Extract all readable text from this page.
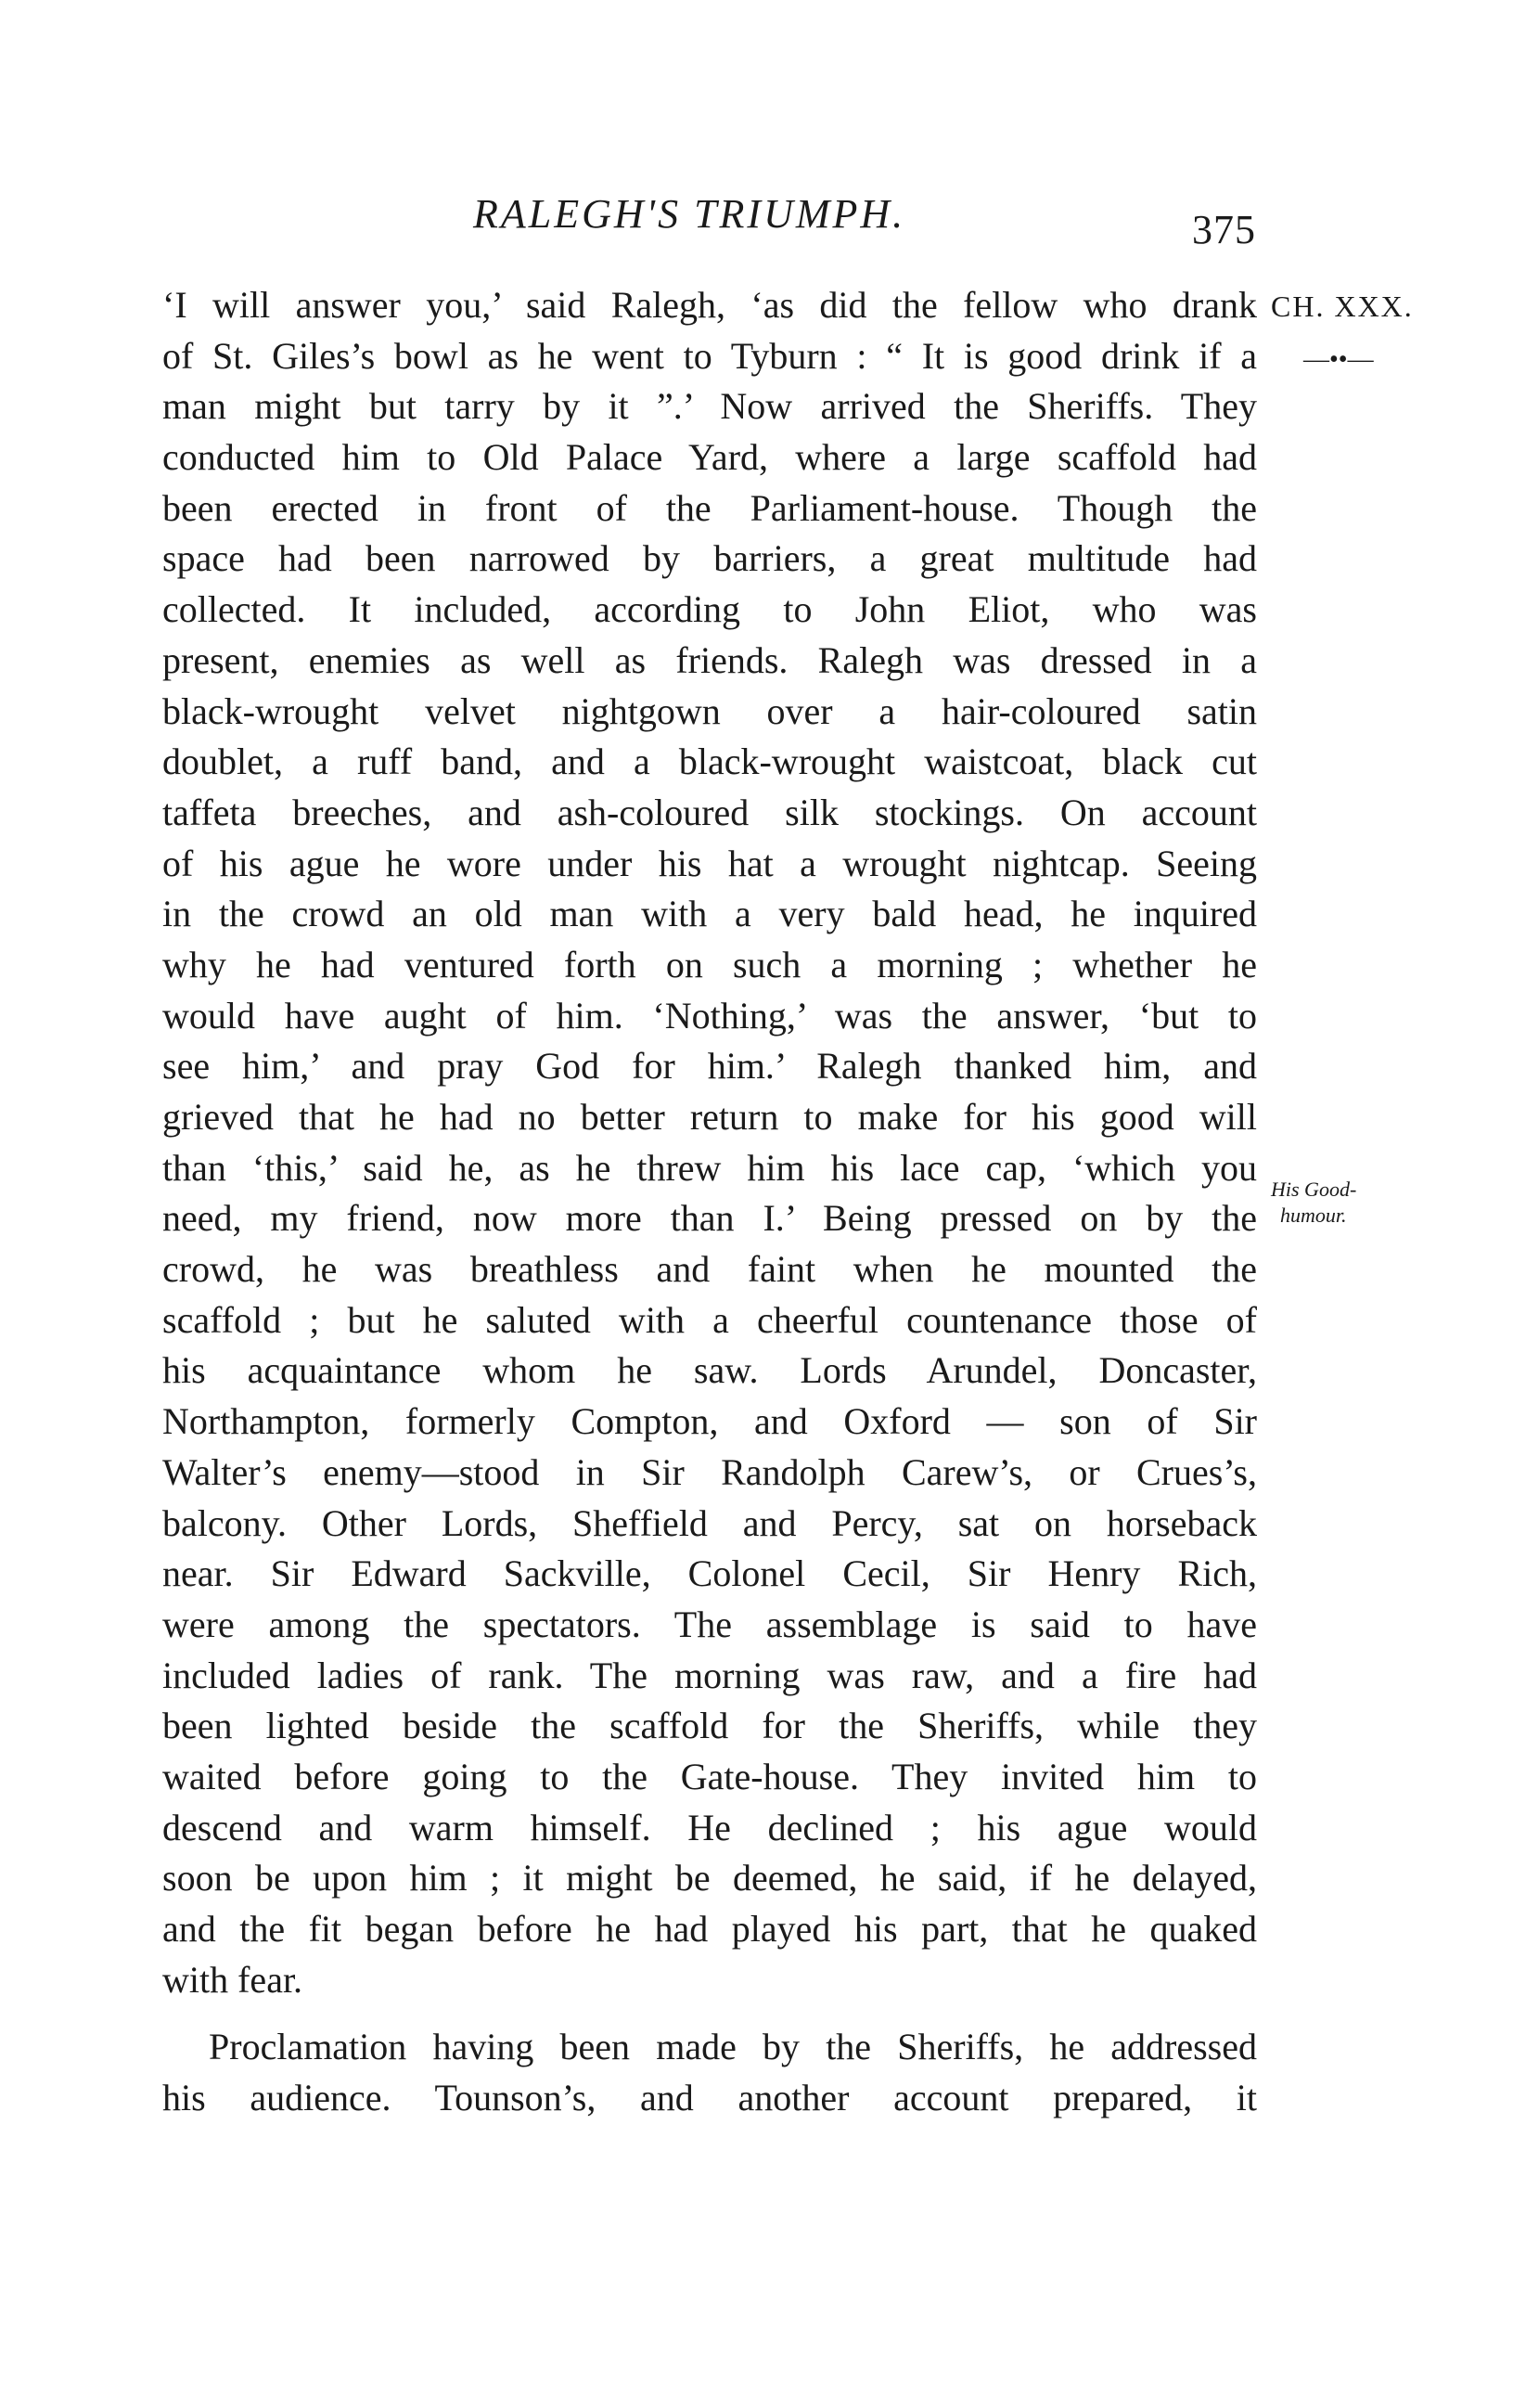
RALEGH'S TRIUMPH.	375
CH. XXX.
—••—
His Good-
humour.
‘I will answer you,’ said Ralegh, ‘as did the fellow who drank
of St. Giles’s bowl as he went to Tyburn : “ It is good drink if a
man might but tarry by it ”.’ Now arrived the Sheriffs. They
conducted him to Old Palace Yard, where a large scaffold had
been erected in front of the Parliament-house. Though the
space had been narrowed by barriers, a great multitude had
collected. It included, according to John Eliot, who was
present, enemies as well as friends. Ralegh was dressed in a
black-wrought velvet nightgown over a hair-coloured satin
doublet, a ruff band, and a black-wrought waistcoat, black cut
taffeta breeches, and ash-coloured silk stockings. On account
of his ague he wore under his hat a wrought nightcap. Seeing
in the crowd an old man with a very bald head, he inquired
why he had ventured forth on such a morning ; whether he
would have aught of him. ‘Nothing,’ was the answer, ‘but to
see him,’ and pray God for him.’ Ralegh thanked him, and
grieved that he had no better return to make for his good will
than ‘this,’ said he, as he threw him his lace cap, ‘which you
need, my friend, now more than I.’ Being pressed on by the
crowd, he was breathless and faint when he mounted the
scaffold ; but he saluted with a cheerful countenance those of
his acquaintance whom he saw. Lords Arundel, Doncaster,
Northampton, formerly Compton, and Oxford — son of Sir
Walter’s enemy—stood in Sir Randolph Carew’s, or Crues’s,
balcony. Other Lords, Sheffield and Percy, sat on horseback
near. Sir Edward Sackville, Colonel Cecil, Sir Henry Rich,
were among the spectators. The assemblage is said to have
included ladies of rank. The morning was raw, and a fire had
been lighted beside the scaffold for the Sheriffs, while they
waited before going to the Gate-house. They invited him to
descend and warm himself. He declined ; his ague would
soon be upon him ; it might be deemed, he said, if he delayed,
and the fit began before he had played his part, that he quaked
with fear.
Proclamation having been made by the Sheriffs, he addressed
his audience. Tounson’s, and another account prepared, it
